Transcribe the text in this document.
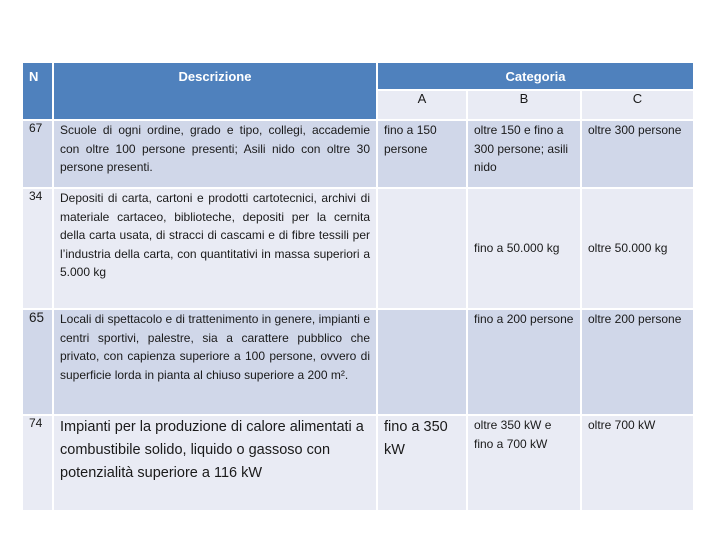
N	Descrizione	Categoria		
		A	B	C
67	Scuole di ogni ordine, grado e tipo, collegi, accademie con oltre 100 persone presenti; Asili nido con oltre 30 persone presenti.	fino a 150 persone	oltre 150 e fino a 300 persone; asili nido	oltre 300 persone
34	Depositi di carta, cartoni e prodotti cartotecnici, archivi di materiale cartaceo, biblioteche, depositi per la cernita della carta usata, di stracci di cascami e di fibre tessili per l’industria della carta, con quantitativi in massa superiori a 5.000 kg		fino a 50.000 kg	oltre 50.000 kg
65	Locali di spettacolo e di trattenimento in genere, impianti e centri sportivi, palestre, sia a carattere pubblico che privato, con capienza superiore a 100 persone, ovvero di superficie lorda in pianta al chiuso superiore a 200 m².		fino a 200 persone	oltre 200 persone
74	Impianti per la produzione di calore alimentati a combustibile solido, liquido o gassoso con potenzialità superiore a 116 kW	fino a 350 kW	oltre 350 kW e fino a 700 kW	oltre 700 kW
